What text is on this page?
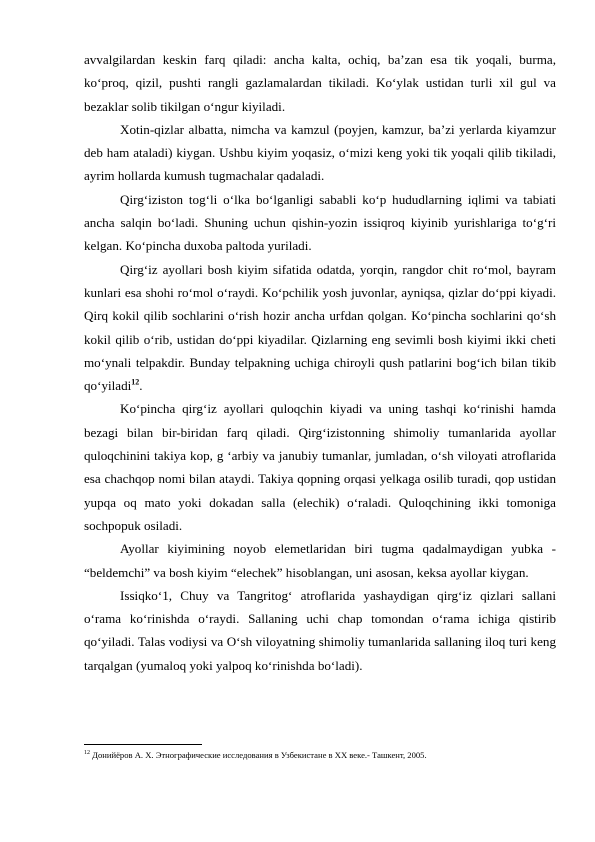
avvalgilardan keskin farq qiladi: ancha kalta, ochiq, ba’zan esa tik yoqali, burma, ko‘proq, qizil, pushti rangli gazlamalardan tikiladi. Ko‘ylak ustidan turli xil gul va bezaklar solib tikilgan o‘ngur kiyiladi.

Xotin-qizlar albatta, nimcha va kamzul (poyjen, kamzur, ba’zi yerlarda kiyamzur deb ham ataladi) kiygan. Ushbu kiyim yoqasiz, o‘mizi keng yoki tik yoqali qilib tikiladi, ayrim hollarda kumush tugmachalar qadaladi.

Qirg‘iziston tog‘li o‘lka bo‘lganligi sababli ko‘p hududlarning iqlimi va tabiati ancha salqin bo‘ladi. Shuning uchun qishin-yozin issiqroq kiyinib yurishlariga to‘g‘ri kelgan. Ko‘pincha duxoba paltoda yuriladi.

Qirg‘iz ayollari bosh kiyim sifatida odatda, yorqin, rangdor chit ro‘mol, bayram kunlari esa shohi ro‘mol o‘raydi. Ko‘pchilik yosh juvonlar, ayniqsa, qizlar do‘ppi kiyadi. Qirq kokil qilib sochlarini o‘rish hozir ancha urfdan qolgan. Ko‘pincha sochlarini qo‘sh kokil qilib o‘rib, ustidan do‘ppi kiyadilar. Qizlarning eng sevimli bosh kiyimi ikki cheti mo‘ynali telpakdir. Bunday telpakning uchiga chiroyli qush patlarini bog‘ich bilan tikib qo‘yiladi$^{12}$.

Ko‘pincha qirg‘iz ayollari quloqchin kiyadi va uning tashqi ko‘rinishi hamda bezagi bilan bir-biridan farq qiladi. Qirg‘izistonning shimoliy tumanlarida ayollar quloqchinini takiya kop, g ‘arbiy va janubiy tumanlar, jumladan, o‘sh viloyati atroflarida esa chachqop nomi bilan ataydi. Takiya qopning orqasi yelkaga osilib turadi, qop ustidan yupqa oq mato yoki dokadan salla (elechik) o‘raladi. Quloqchining ikki tomoniga sochpopuk osiladi.

Ayollar kiyimining noyob elemetlaridan biri tugma qadalmaydigan yubka - “beldemchi” va bosh kiyim “elechek” hisoblangan, uni asosan, keksa ayollar kiygan.

Issiqko‘1, Chuy va Tangritog‘ atroflarida yashaydigan qirg‘iz qizlari sallani o‘rama ko‘rinishda o‘raydi. Sallaning uchi chap tomondan o‘rama ichiga qistirib qo‘yiladi. Talas vodiysi va O‘sh viloyatning shimoliy tumanlarida sallaning iloq turi keng tarqalgan (yumaloq yoki yalpoq ko‘rinishda bo‘ladi).

$^{12}$ Донийёров А. Х. Этнографические исследования в Узбекистане в XX веке.- Ташкент, 2005.
